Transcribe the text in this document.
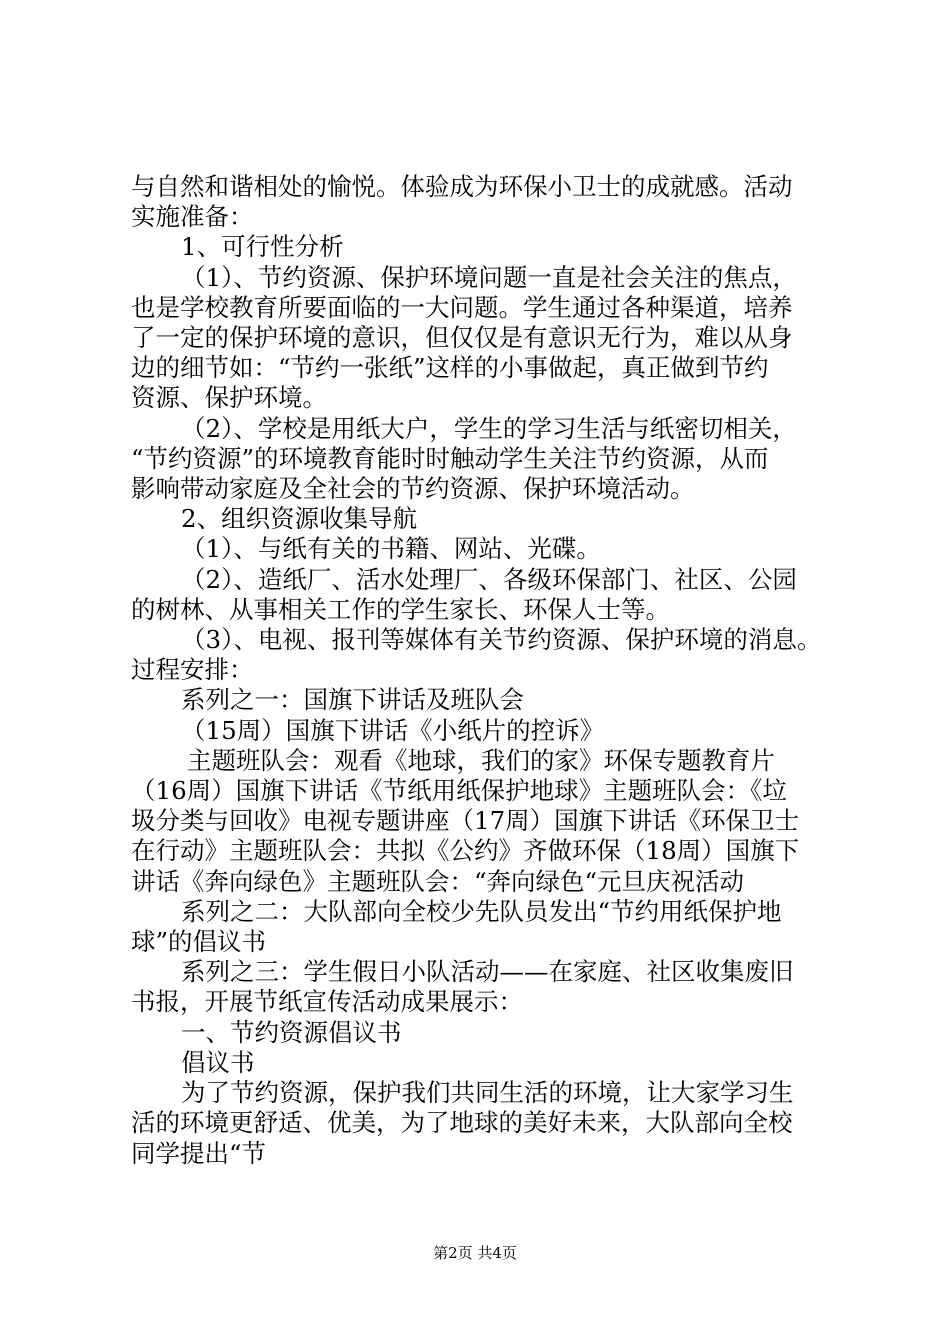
与自然和谐相处的愉悦。体验成为环保小卫士的成就感。活动

实施准备：

1、可行性分析

（1）、节约资源、保护环境问题一直是社会关注的焦点，

也是学校教育所要面临的一大问题。学生通过各种渠道，培养

了一定的保护环境的意识，但仅仅是有意识无行为，难以从身

边的细节如：“节约一张纸”这样的小事做起，真正做到节约

资源、保护环境。

（2）、学校是用纸大户，学生的学习生活与纸密切相关，

“节约资源”的环境教育能时时触动学生关注节约资源，从而

影响带动家庭及全社会的节约资源、保护环境活动。

2、组织资源收集导航

（1）、与纸有关的书籍、网站、光碟。

（2）、造纸厂、活水处理厂、各级环保部门、社区、公园

的树林、从事相关工作的学生家长、环保人士等。

（3）、电视、报刊等媒体有关节约资源、保护环境的消息。

过程安排：

系列之一：国旗下讲话及班队会

（15周）国旗下讲话《小纸片的控诉》

主题班队会：观看《地球，我们的家》环保专题教育片

（16周）国旗下讲话《节纸用纸保护地球》主题班队会：《垃

圾分类与回收》电视专题讲座（17周）国旗下讲话《环保卫士

在行动》主题班队会：共拟《公约》齐做环保（18周）国旗下

讲话《奔向绿色》主题班队会：“奔向绿色“元旦庆祝活动

系列之二：大队部向全校少先队员发出“节约用纸保护地

球”的倡议书

系列之三：学生假日小队活动——在家庭、社区收集废旧

书报，开展节纸宣传活动成果展示：

一、节约资源倡议书

倡议书

为了节约资源，保护我们共同生活的环境，让大家学习生

活的环境更舒适、优美，为了地球的美好未来，大队部向全校

同学提出“节

第2页 共4页
